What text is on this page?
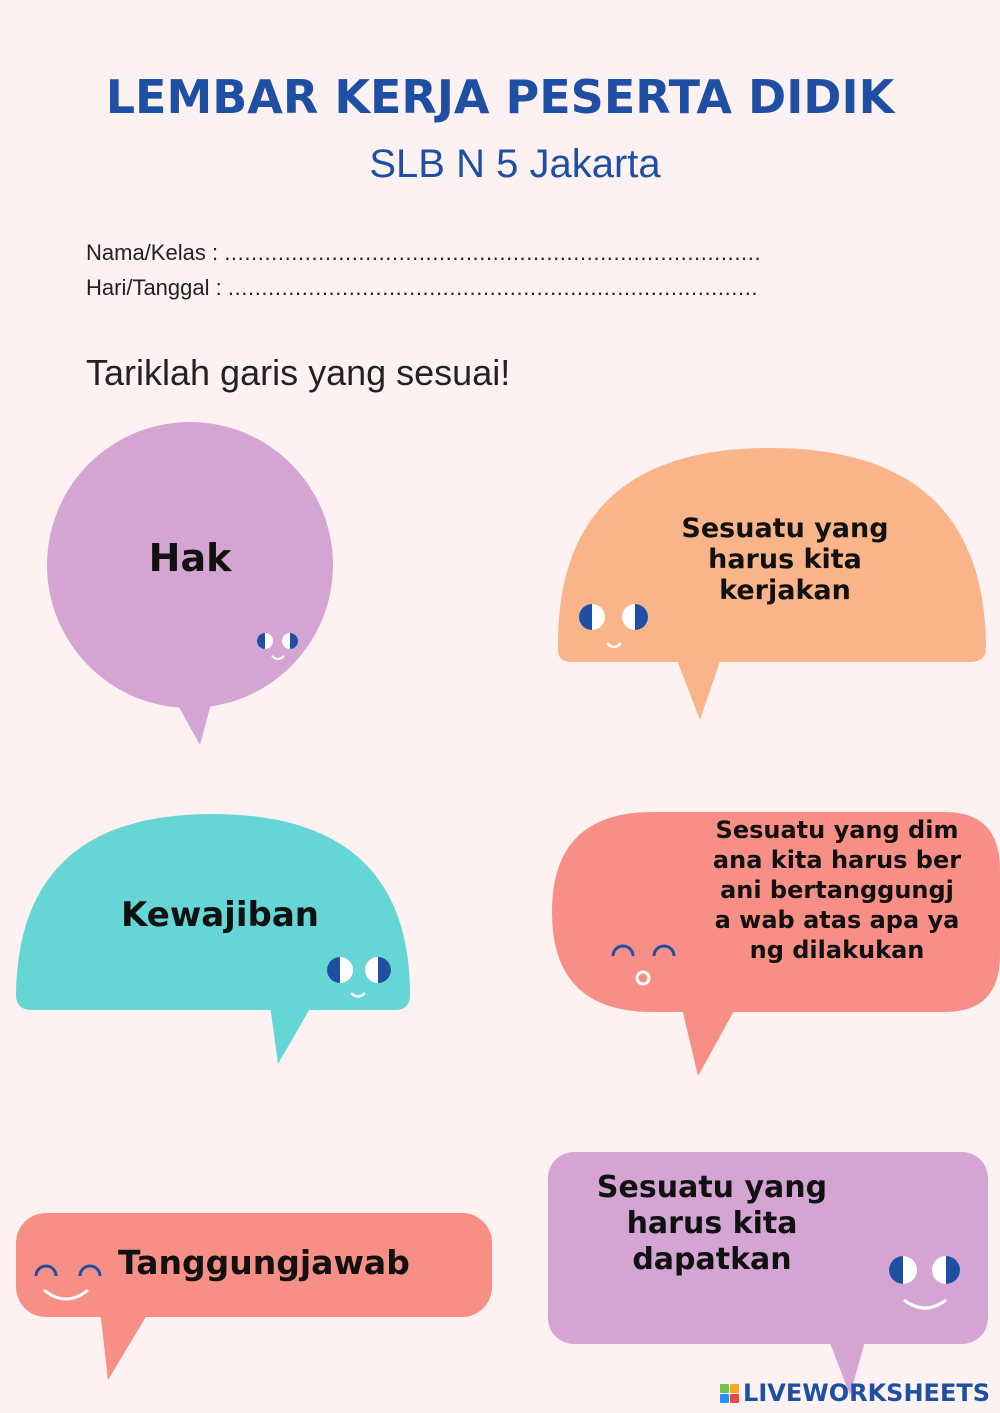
LEMBAR KERJA PESERTA DIDIK
SLB N 5 Jakarta
Nama/Kelas : ................................................................................
Hari/Tanggal : ...............................................................................
Tariklah garis yang sesuai!
Hak
Kewajiban
Tanggungjawab
Sesuatu yang harus kita kerjakan
Sesuatu yang dimana kita harus berani bertanggungja wab atas apa yang dilakukan
Sesuatu yang harus kita dapatkan
LIVEWORKSHEETS
